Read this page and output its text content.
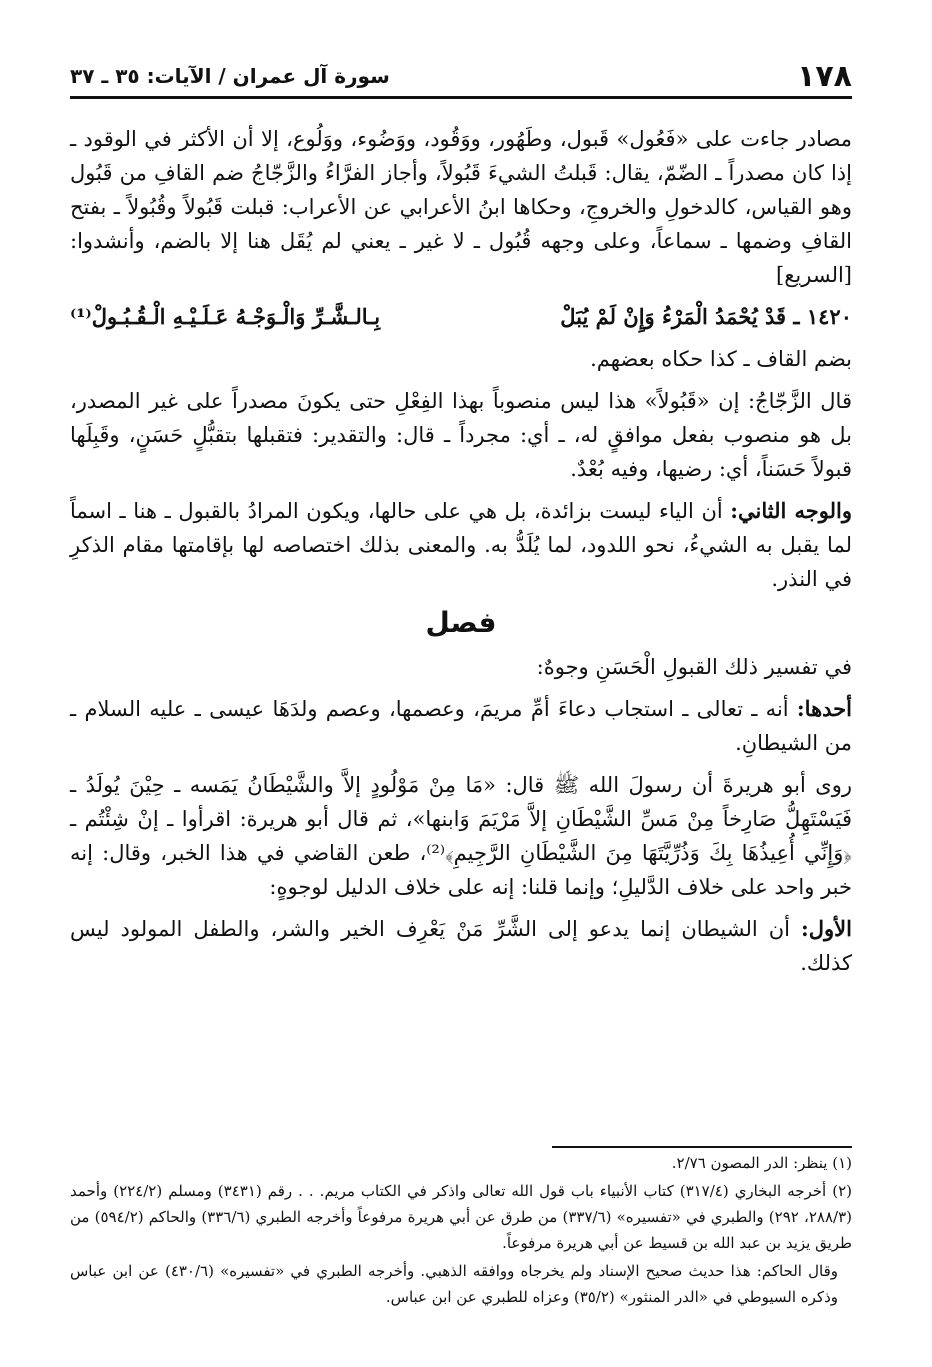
١٧٨
سورة آل عمران / الآيات: ٣٥ ـ ٣٧

مصادر جاءت على «فَعُول» قَبول، وطَهُور، ووَقُود، ووَضُوء، ووَلُوع، إلا أن الأكثر في الوقود ـ إذا كان مصدراً ـ الضّمّ، يقال: قَبلتُ الشيءَ قَبُولاً، وأجاز الفرَّاءُ والزَّجّاجُ ضم القافِ من قَبُول وهو القياس، كالدخولِ والخروجِ، وحكاها ابنُ الأعرابي عن الأعراب: قبلت قَبُولاً وقُبُولاً ـ بفتح القافِ وضمها ـ سماعاً، وعلى وجهه قُبُول ـ لا غير ـ يعني لم يُقَل هنا إلا بالضم، وأنشدوا: [السريع]

١٤٢٠ ـ قَدْ يُحْمَدُ الْمَرْءُ وَإِنْ لَمْ يُبَلْ
بِـالـشَّـرِّ وَالْـوَجْـهُ عَـلَـيْـهِ الْـقُـبُـولْ⁽¹⁾

بضم القاف ـ كذا حكاه بعضهم.

قال الزَّجّاجُ: إن «قَبُولاً» هذا ليس منصوباً بهذا الفِعْلِ حتى يكونَ مصدراً على غير المصدر، بل هو منصوب بفعل موافقٍ له، ـ أي: مجرداً ـ قال: والتقدير: فتقبلها بتقبُّلٍ حَسَنٍ، وقَبِلَها قبولاً حَسَناً، أي: رضيها، وفيه بُعْدٌ.

والوجه الثاني: أن الياء ليست بزائدة، بل هي على حالها، ويكون المرادُ بالقبول ـ هنا ـ اسماً لما يقبل به الشيءُ، نحو اللدود، لما يُلَدُّ به. والمعنى بذلك اختصاصه لها بإقامتها مقام الذكرِ في النذر.

فصل

في تفسير ذلك القبولِ الْحَسَنِ وجوهٌ:

أحدها: أنه ـ تعالى ـ استجاب دعاءَ أمِّ مريمَ، وعصمها، وعصم ولدَهَا عيسى ـ عليه السلام ـ من الشيطانِ.

روى أبو هريرةَ أن رسولَ الله ﷺ قال: «مَا مِنْ مَوْلُودٍ إلاَّ والشَّيْطَانُ يَمَسه ـ حِيْنَ يُولَدُ ـ فَيَسْتَهِلُّ صَارِخاً مِنْ مَسِّ الشَّيْطَانِ إلاَّ مَرْيَمَ وَابنها»، ثم قال أبو هريرة: اقرأوا ـ إنْ شِئْتُم ـ ﴿وَإِنِّي أُعِيذُهَا بِكَ وَذُرِّيَّتَهَا مِنَ الشَّيْطَانِ الرَّجِيمِ﴾⁽²⁾، طعن القاضي في هذا الخبر، وقال: إنه خبر واحد على خلاف الدَّليلِ؛ وإنما قلنا: إنه على خلاف الدليل لوجوهٍ:

الأول: أن الشيطان إنما يدعو إلى الشَّرِّ مَنْ يَعْرِف الخير والشر، والطفل المولود ليس كذلك.

(١) ينظر: الدر المصون ٢/٧٦.

(٢) أخرجه البخاري (٣١٧/٤) كتاب الأنبياء باب قول الله تعالى واذكر في الكتاب مريم. . . رقم (٣٤٣١) ومسلم (٢٢٤/٢) وأحمد (٢٨٨/٣، ٢٩٢) والطبري في «تفسيره» (٣٣٧/٦) من طرق عن أبي هريرة مرفوعاً وأخرجه الطبري (٣٣٦/٦) والحاكم (٥٩٤/٢) من طريق يزيد بن عبد الله بن قسيط عن أبي هريرة مرفوعاً.

وقال الحاكم: هذا حديث صحيح الإسناد ولم يخرجاه ووافقه الذهبي. وأخرجه الطبري في «تفسيره» (٤٣٠/٦) عن ابن عباس وذكره السيوطي في «الدر المنثور» (٣٥/٢) وعزاه للطبري عن ابن عباس.
